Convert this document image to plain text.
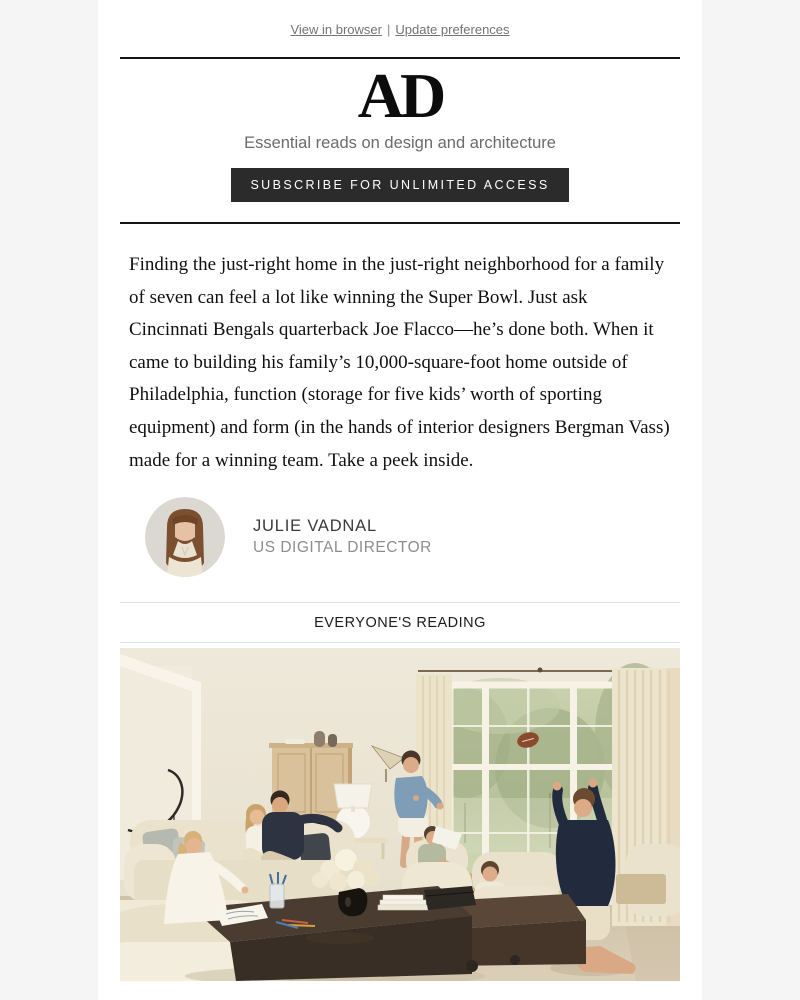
View in browser | Update preferences
AD
Essential reads on design and architecture
SUBSCRIBE FOR UNLIMITED ACCESS

Finding the just-right home in the just-right neighborhood for a family of seven can feel a lot like winning the Super Bowl. Just ask Cincinnati Bengals quarterback Joe Flacco—he’s done both. When it came to building his family’s 10,000-square-foot home outside of Philadelphia, function (storage for five kids’ worth of sporting equipment) and form (in the hands of interior designers Bergman Vass) made for a winning team. Take a peek inside.

JULIE VADNAL
US DIGITAL DIRECTOR
EVERYONE'S READING
